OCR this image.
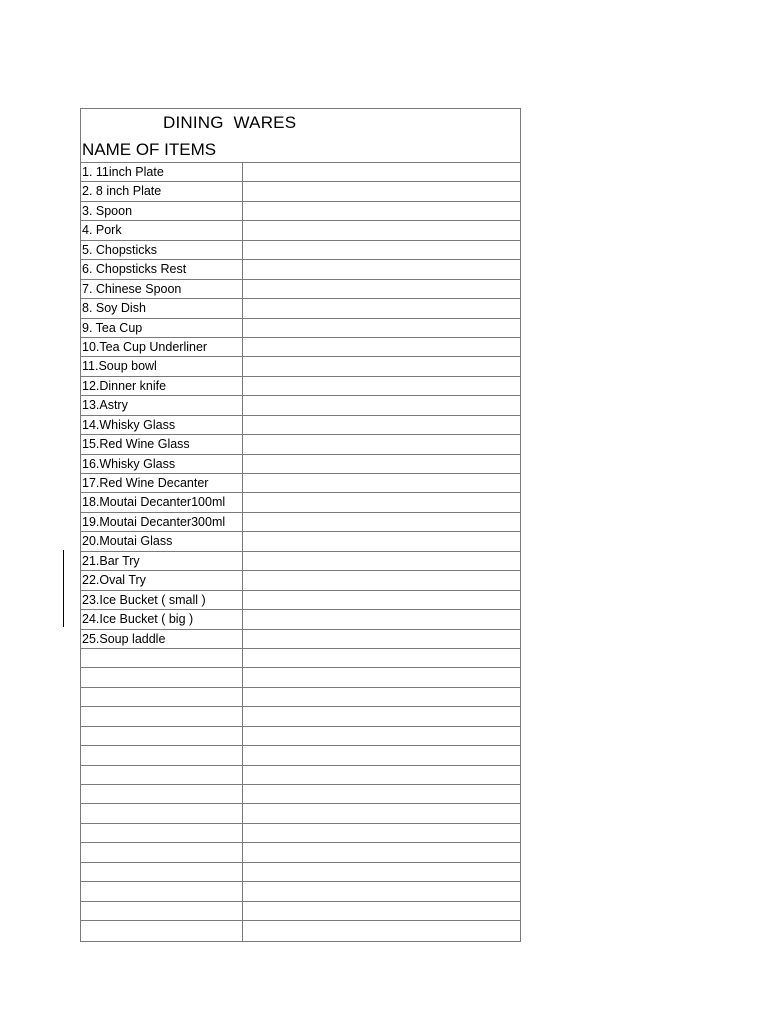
DINING  WARES
NAME OF ITEMS
1. 11inch Plate
2. 8 inch Plate
3. Spoon
4. Pork
5. Chopsticks
6. Chopsticks Rest
7. Chinese Spoon
8. Soy Dish
9. Tea Cup
10.Tea Cup Underliner
11.Soup bowl
12.Dinner knife
13.Astry
14.Whisky Glass
15.Red Wine Glass
16.Whisky Glass
17.Red Wine Decanter
18.Moutai Decanter100ml
19.Moutai Decanter300ml
20.Moutai Glass
21.Bar Try
22.Oval Try
23.Ice Bucket ( small )
24.Ice Bucket ( big )
25.Soup laddle
